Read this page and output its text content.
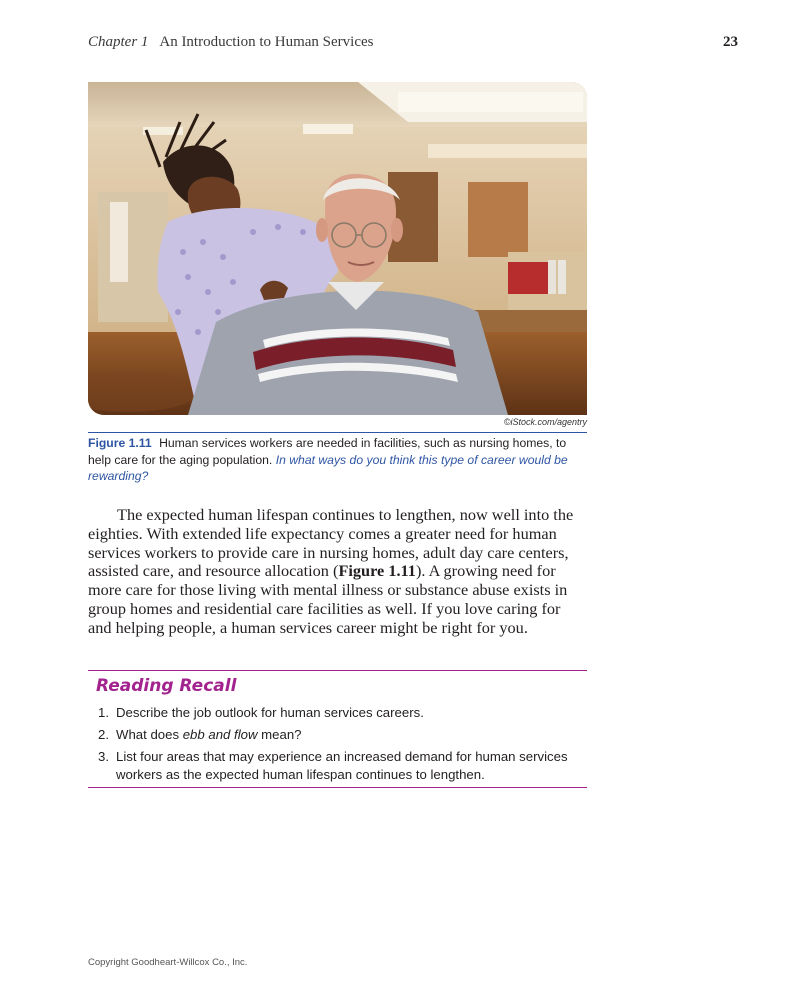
Chapter 1 An Introduction to Human Services	23
©iStock.com/agentry
Figure 1.11 Human services workers are needed in facilities, such as nursing homes, to help care for the aging population. In what ways do you think this type of career would be rewarding?

The expected human lifespan continues to lengthen, now well into the eighties. With extended life expectancy comes a greater need for human services workers to provide care in nursing homes, adult day care centers, assisted care, and resource allocation (Figure 1.11). A growing need for more care for those living with mental illness or substance abuse exists in group homes and residential care facilities as well. If you love caring for and helping people, a human services career might be right for you.

Reading Recall
1. Describe the job outlook for human services careers.
2. What does ebb and flow mean?
3. List four areas that may experience an increased demand for human services workers as the expected human lifespan continues to lengthen.
Copyright Goodheart-Willcox Co., Inc.
